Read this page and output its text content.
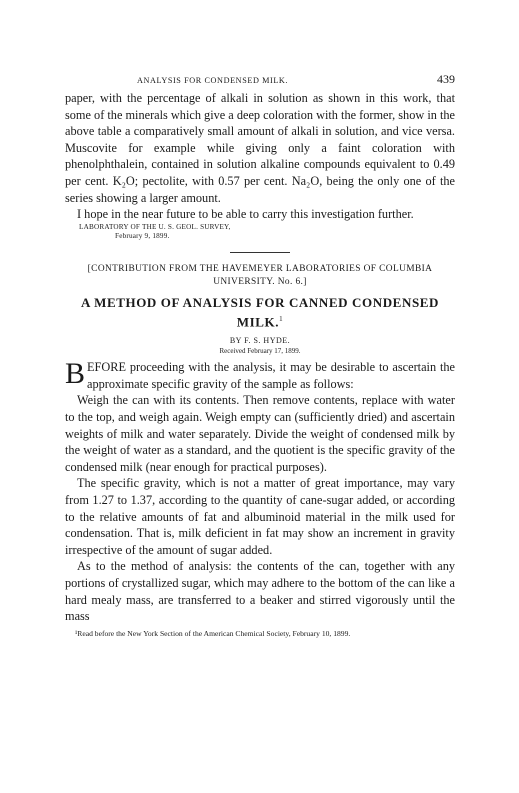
ANALYSIS FOR CONDENSED MILK.	439

paper, with the percentage of alkali in solution as shown in this work, that some of the minerals which give a deep coloration with the former, show in the above table a comparatively small amount of alkali in solution, and vice versa. Muscovite for example while giving only a faint coloration with phenolphthalein, contained in solution alkaline compounds equivalent to 0.49 per cent. K₂O; pectolite, with 0.57 per cent. Na₂O, being the only one of the series showing a larger amount.

I hope in the near future to be able to carry this investigation further.

LABORATORY OF THE U. S. GEOL. SURVEY,
February 9, 1899.
[CONTRIBUTION FROM THE HAVEMEYER LABORATORIES OF COLUMBIA
UNIVERSITY. No. 6.]
A METHOD OF ANALYSIS FOR CANNED CONDENSED
MILK.$^1$
BY F. S. HYDE.
Received February 17, 1899.

BEFORE proceeding with the analysis, it may be desirable to ascertain the approximate specific gravity of the sample as follows:

Weigh the can with its contents. Then remove contents, replace with water to the top, and weigh again. Weigh empty can (sufficiently dried) and ascertain weights of milk and water separately. Divide the weight of condensed milk by the weight of water as a standard, and the quotient is the specific gravity of the condensed milk (near enough for practical purposes).

The specific gravity, which is not a matter of great importance, may vary from 1.27 to 1.37, according to the quantity of cane-sugar added, or according to the relative amounts of fat and albuminoid material in the milk used for condensation. That is, milk deficient in fat may show an increment in gravity irrespective of the amount of sugar added.

As to the method of analysis: the contents of the can, together with any portions of crystallized sugar, which may adhere to the bottom of the can like a hard mealy mass, are transferred to a beaker and stirred vigorously until the mass

¹Read before the New York Section of the American Chemical Society, February 10, 1899.
